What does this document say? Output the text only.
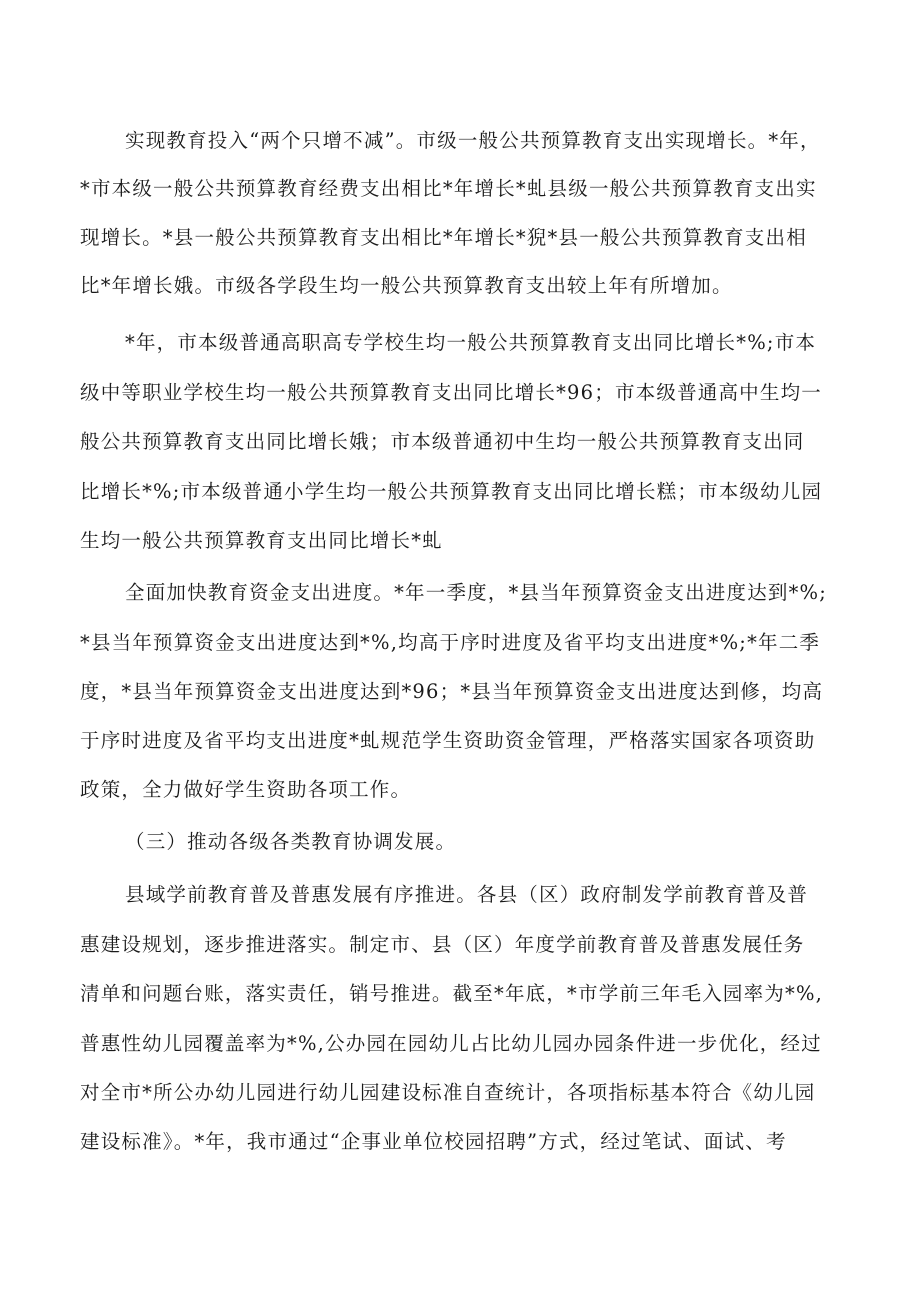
实现教育投入“两个只增不减”。市级一般公共预算教育支出实现增长。*年，
*市本级一般公共预算教育经费支出相比*年增长*虬县级一般公共预算教育支出实
现增长。*县一般公共预算教育支出相比*年增长*猊*县一般公共预算教育支出相
比*年增长娥。市级各学段生均一般公共预算教育支出较上年有所增加。
*年，市本级普通高职高专学校生均一般公共预算教育支出同比增长*%;市本
级中等职业学校生均一般公共预算教育支出同比增长*96；市本级普通高中生均一
般公共预算教育支出同比增长娥；市本级普通初中生均一般公共预算教育支出同
比增长*%;市本级普通小学生均一般公共预算教育支出同比增长糕；市本级幼儿园
生均一般公共预算教育支出同比增长*虬
全面加快教育资金支出进度。*年一季度，*县当年预算资金支出进度达到*%;
*县当年预算资金支出进度达到*%,均高于序时进度及省平均支出进度*%;*年二季
度，*县当年预算资金支出进度达到*96；*县当年预算资金支出进度达到修，均高
于序时进度及省平均支出进度*虬规范学生资助资金管理，严格落实国家各项资助
政策，全力做好学生资助各项工作。
（三）推动各级各类教育协调发展。
县域学前教育普及普惠发展有序推进。各县（区）政府制发学前教育普及普
惠建设规划，逐步推进落实。制定市、县（区）年度学前教育普及普惠发展任务
清单和问题台账，落实责任，销号推进。截至*年底，*市学前三年毛入园率为*%,
普惠性幼儿园覆盖率为*%,公办园在园幼儿占比幼儿园办园条件进一步优化，经过
对全市*所公办幼儿园进行幼儿园建设标准自查统计，各项指标基本符合《幼儿园
建设标准》。*年，我市通过“企事业单位校园招聘”方式，经过笔试、面试、考
